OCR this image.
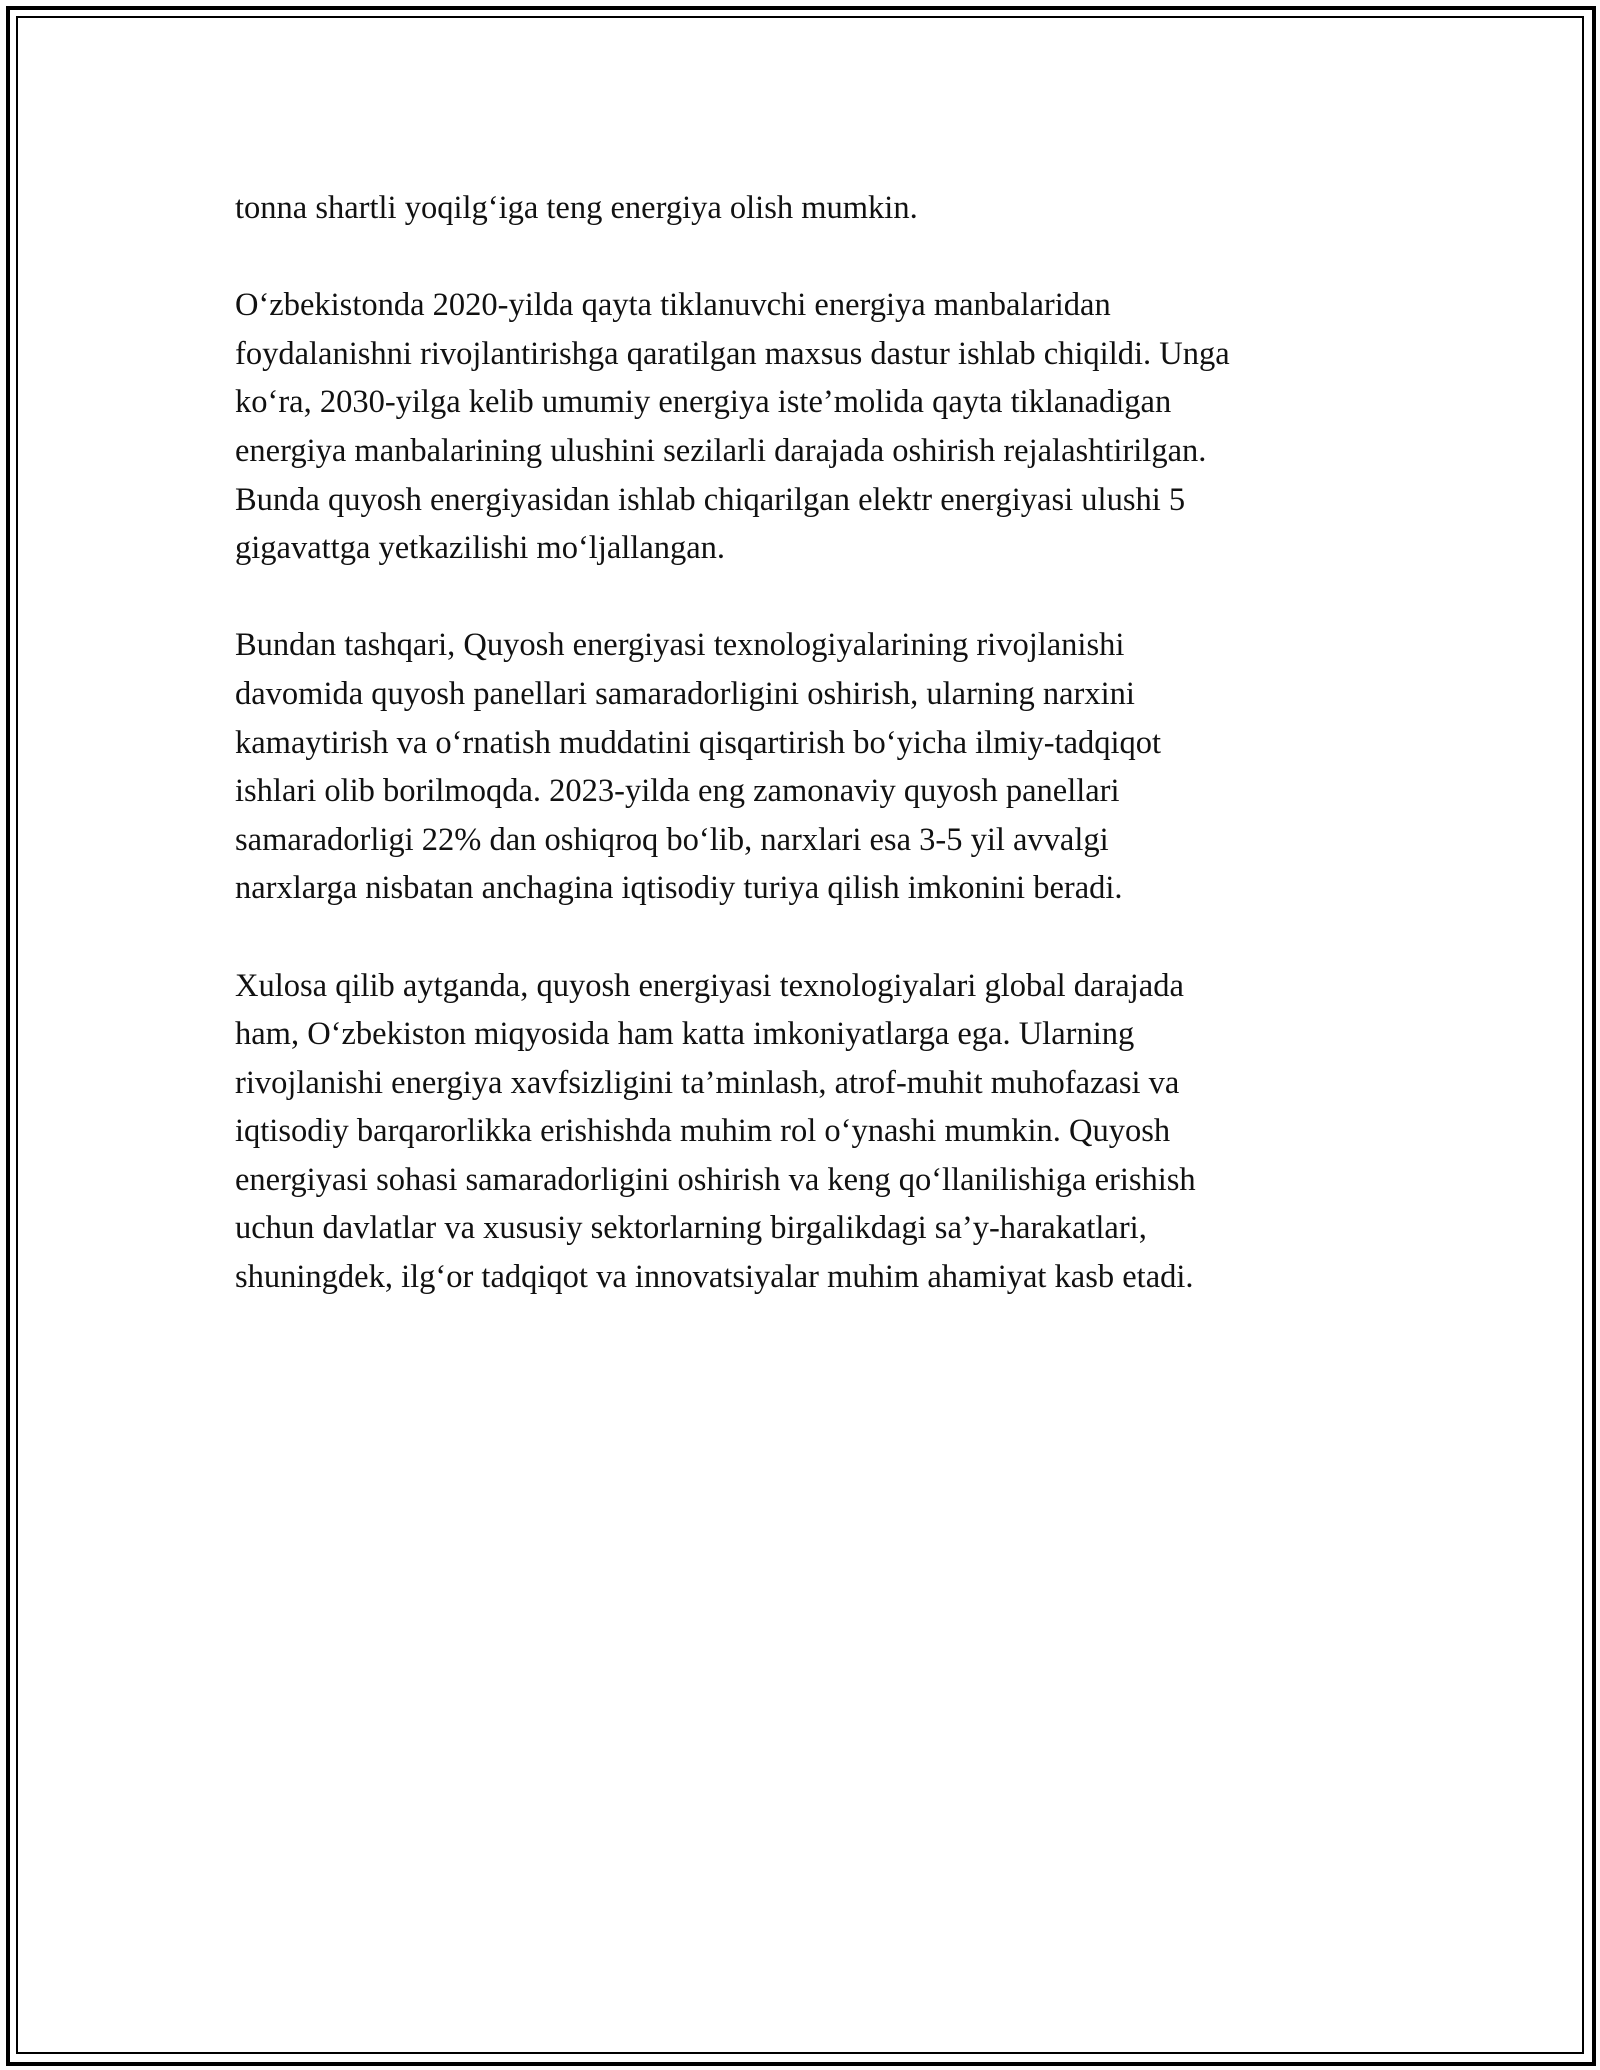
tonna shartli yoqilg‘iga teng energiya olish mumkin.

O‘zbekistonda 2020-yilda qayta tiklanuvchi energiya manbalaridan
foydalanishni rivojlantirishga qaratilgan maxsus dastur ishlab chiqildi. Unga
ko‘ra, 2030-yilga kelib umumiy energiya iste’molida qayta tiklanadigan
energiya manbalarining ulushini sezilarli darajada oshirish rejalashtirilgan.
Bunda quyosh energiyasidan ishlab chiqarilgan elektr energiyasi ulushi 5
gigavattga yetkazilishi mo‘ljallangan.

Bundan tashqari, Quyosh energiyasi texnologiyalarining rivojlanishi
davomida quyosh panellari samaradorligini oshirish, ularning narxini
kamaytirish va o‘rnatish muddatini qisqartirish bo‘yicha ilmiy-tadqiqot
ishlari olib borilmoqda. 2023-yilda eng zamonaviy quyosh panellari
samaradorligi 22% dan oshiqroq bo‘lib, narxlari esa 3-5 yil avvalgi
narxlarga nisbatan anchagina iqtisodiy turiya qilish imkonini beradi.

Xulosa qilib aytganda, quyosh energiyasi texnologiyalari global darajada
ham, O‘zbekiston miqyosida ham katta imkoniyatlarga ega. Ularning
rivojlanishi energiya xavfsizligini ta’minlash, atrof-muhit muhofazasi va
iqtisodiy barqarorlikka erishishda muhim rol o‘ynashi mumkin. Quyosh
energiyasi sohasi samaradorligini oshirish va keng qo‘llanilishiga erishish
uchun davlatlar va xususiy sektorlarning birgalikdagi sa’y-harakatlari,
shuningdek, ilg‘or tadqiqot va innovatsiyalar muhim ahamiyat kasb etadi.
